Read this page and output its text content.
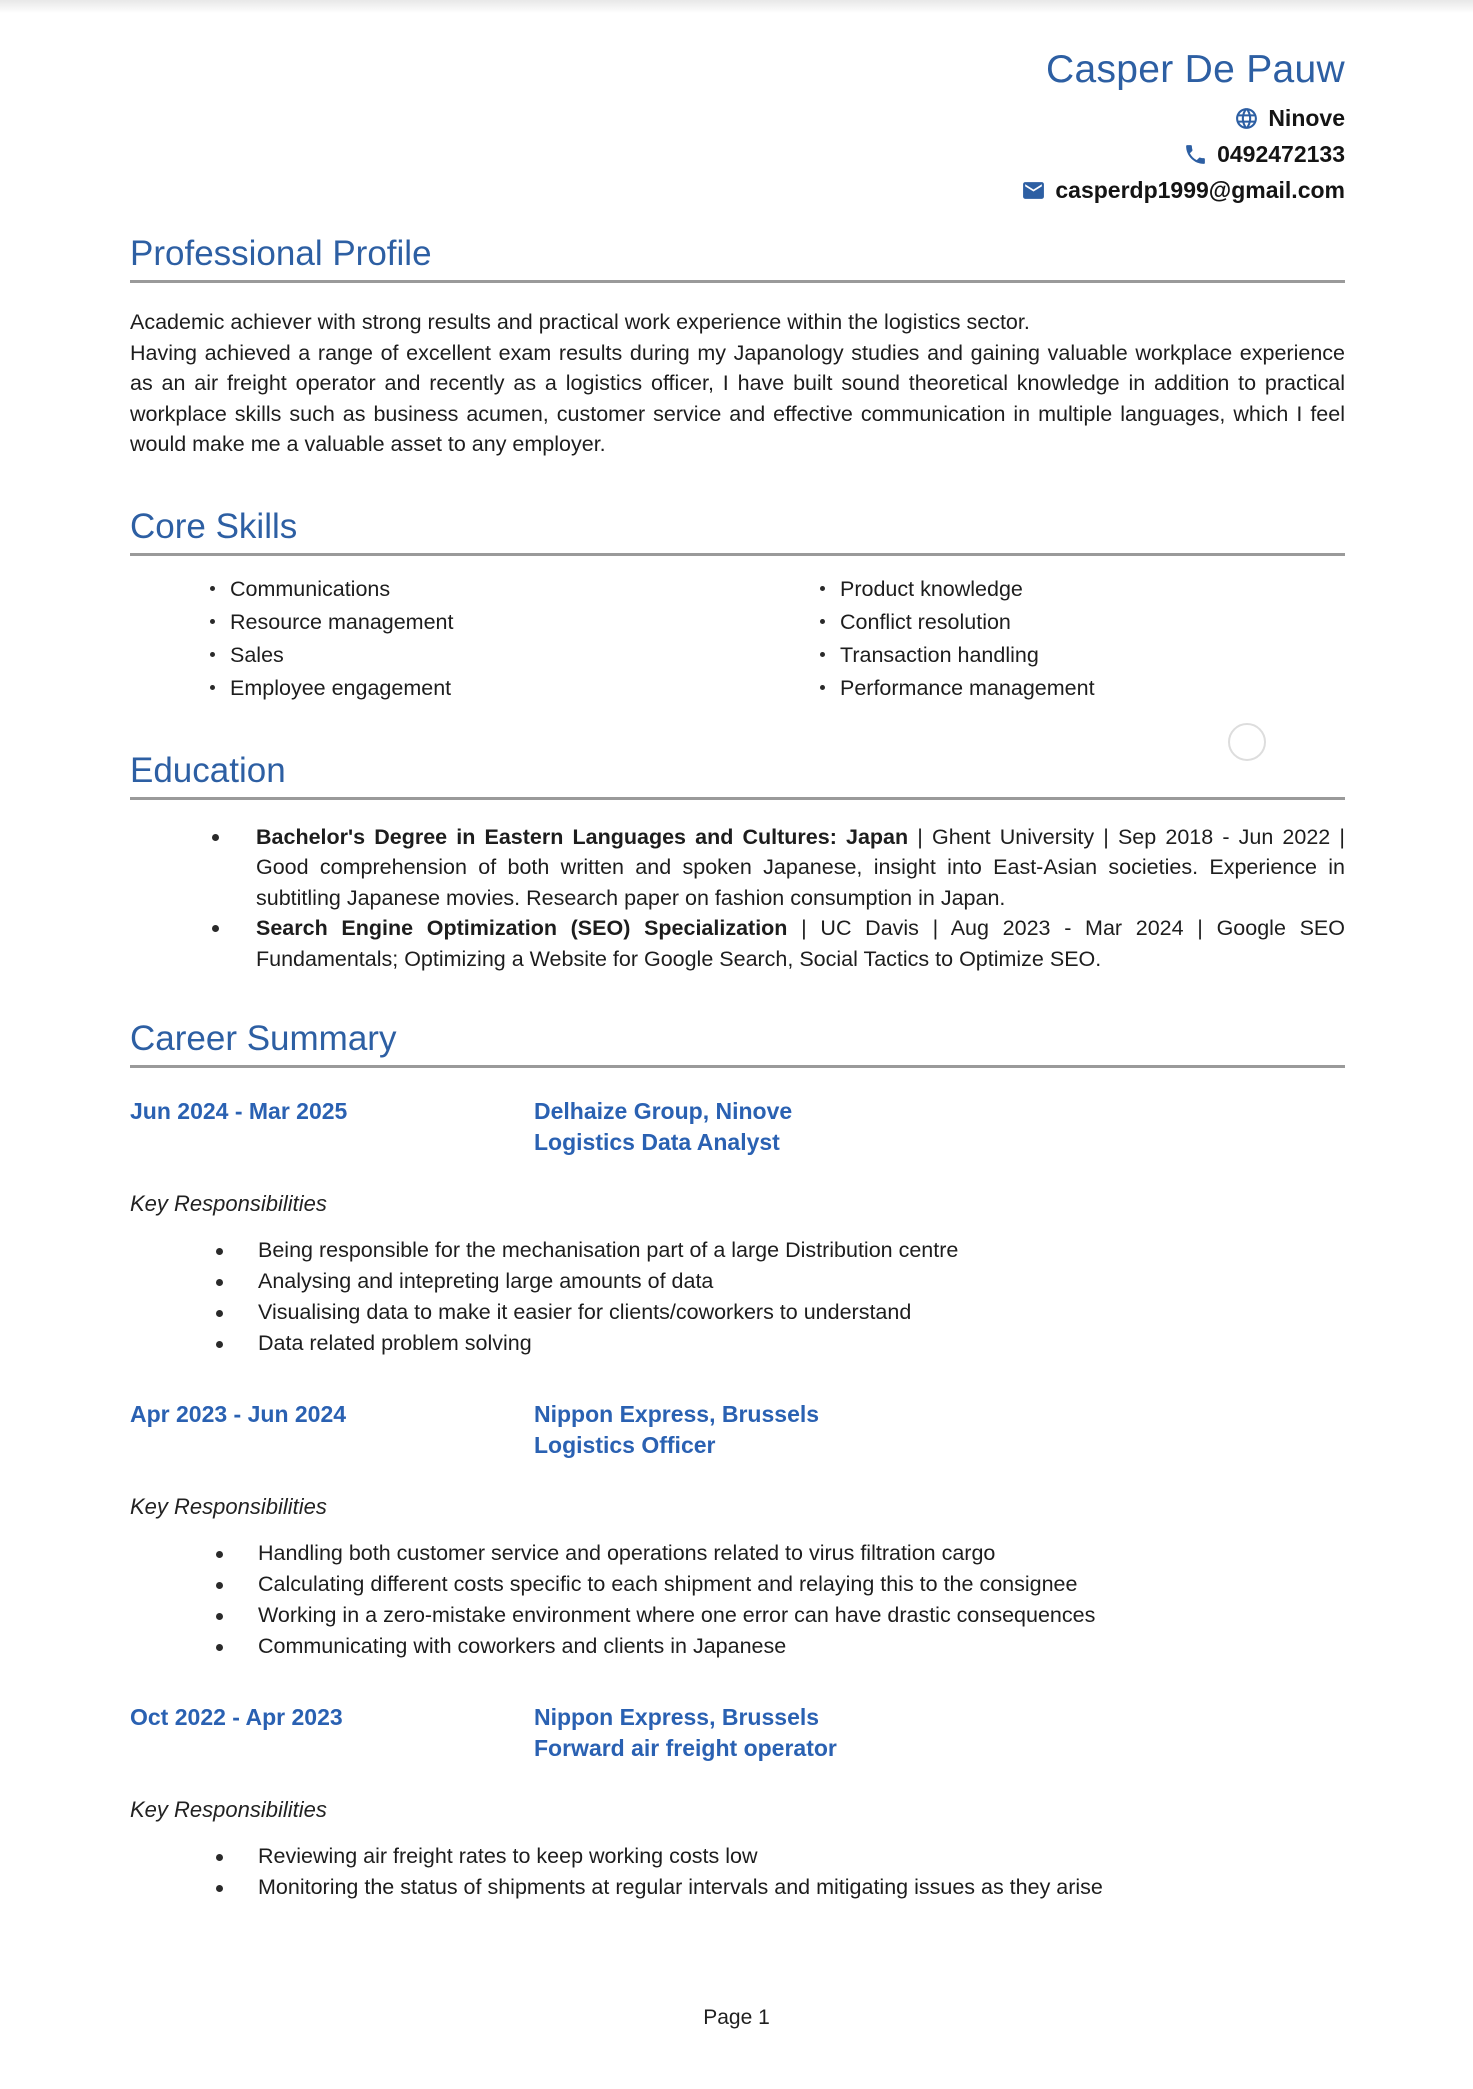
Casper De Pauw
Ninove
0492472133
casperdp1999@gmail.com
Professional Profile

Academic achiever with strong results and practical work experience within the logistics sector.

Having achieved a range of excellent exam results during my Japanology studies and gaining valuable workplace experience as an air freight operator and recently as a logistics officer, I have built sound theoretical knowledge in addition to practical workplace skills such as business acumen, customer service and effective communication in multiple languages, which I feel would make me a valuable asset to any employer.

Core Skills
Communications
Resource management
Sales
Employee engagement
Product knowledge
Conflict resolution
Transaction handling
Performance management
Education
Bachelor's Degree in Eastern Languages and Cultures: Japan | Ghent University | Sep 2018 - Jun 2022 | Good comprehension of both written and spoken Japanese, insight into East-Asian societies. Experience in subtitling Japanese movies. Research paper on fashion consumption in Japan.
Search Engine Optimization (SEO) Specialization | UC Davis | Aug 2023 - Mar 2024 | Google SEO Fundamentals; Optimizing a Website for Google Search, Social Tactics to Optimize SEO.
Career Summary
Jun 2024 - Mar 2025	Delhaize Group, Ninove
Logistics Data Analyst
Key Responsibilities
Being responsible for the mechanisation part of a large Distribution centre
Analysing and intepreting large amounts of data
Visualising data to make it easier for clients/coworkers to understand
Data related problem solving
Apr 2023 - Jun 2024	Nippon Express, Brussels
Logistics Officer
Key Responsibilities
Handling both customer service and operations related to virus filtration cargo
Calculating different costs specific to each shipment and relaying this to the consignee
Working in a zero-mistake environment where one error can have drastic consequences
Communicating with coworkers and clients in Japanese
Oct 2022 - Apr 2023	Nippon Express, Brussels
Forward air freight operator
Key Responsibilities
Reviewing air freight rates to keep working costs low
Monitoring the status of shipments at regular intervals and mitigating issues as they arise
Page 1
